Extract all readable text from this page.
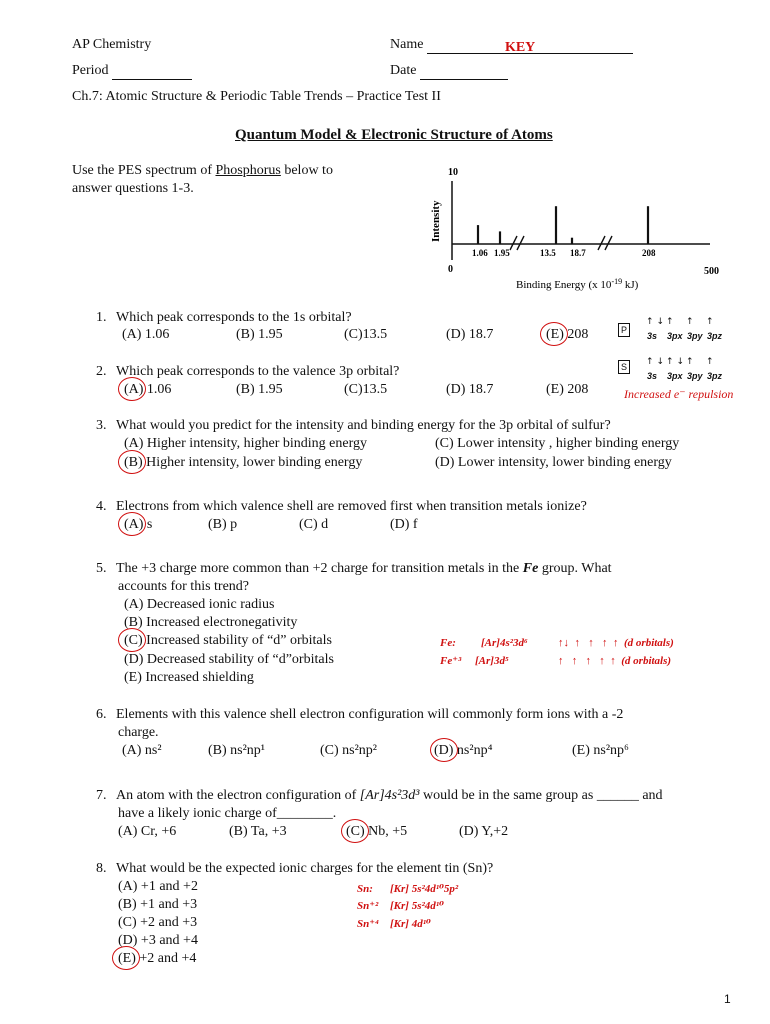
AP Chemistry	Name	KEY
Period	Date
Ch.7: Atomic Structure & Periodic Table Trends – Practice Test II
Quantum Model & Electronic Structure of Atoms
Use the PES spectrum of Phosphorus below to
answer questions 1-3.
10
0
Intensity
1.06 1.95	13.5 18.7	208
500
Binding Energy (x $10^{-19}$ kJ)
1. Which peak corresponds to the 1s orbital?
(A) 1.06	(B) 1.95	(C)13.5	(D) 18.7	(E) 208	P
↑↓↑ ↑ ↑
3s 3px 3py 3pz
S	↑↓↑↓↑ ↑
3s 3px 3py 3pz
Increased e⁻ repulsion
2. Which peak corresponds to the valence 3p orbital?
(A) 1.06	(B) 1.95	(C)13.5	(D) 18.7	(E) 208
3. What would you predict for the intensity and binding energy for the 3p orbital of sulfur?
(A) Higher intensity, higher binding energy	(C) Lower intensity , higher binding energy
(B) Higher intensity, lower binding energy	(D) Lower intensity, lower binding energy
4. Electrons from which valence shell are removed first when transition metals ionize?
(A) s	(B) p	(C) d	(D) f
5. The +3 charge more common than +2 charge for transition metals in the Fe group. What
accounts for this trend?
(A) Decreased ionic radius
(B) Increased electronegativity
(C) Increased stability of “d” orbitals
(D) Decreased stability of “d”orbitals
(E) Increased shielding
Fe: [Ar]4s²3d⁶	↑↓  ↑   ↑   ↑  ↑  (d orbitals)
Fe⁺³ [Ar]3d⁵	↑   ↑   ↑   ↑  ↑  (d orbitals)
6. Elements with this valence shell electron configuration will commonly form ions with a -2
charge.
(A) ns²	(B) ns²np¹	(C) ns²np²	(D) ns²np⁴	(E) ns²np⁶
7. An atom with the electron configuration of [Ar]4s²3d³ would be in the same group as ______ and
have a likely ionic charge of________.
(A) Cr, +6	(B) Ta, +3	(C) Nb, +5	(D) Y,+2
8. What would be the expected ionic charges for the element tin (Sn)?
(A) +1 and +2
(B) +1 and +3
(C) +2 and +3
(D) +3 and +4
(E) +2 and +4
Sn: [Kr] 5s²4d¹⁰5p²
Sn⁺² [Kr] 5s²4d¹⁰
Sn⁺⁴ [Kr] 4d¹⁰
1
